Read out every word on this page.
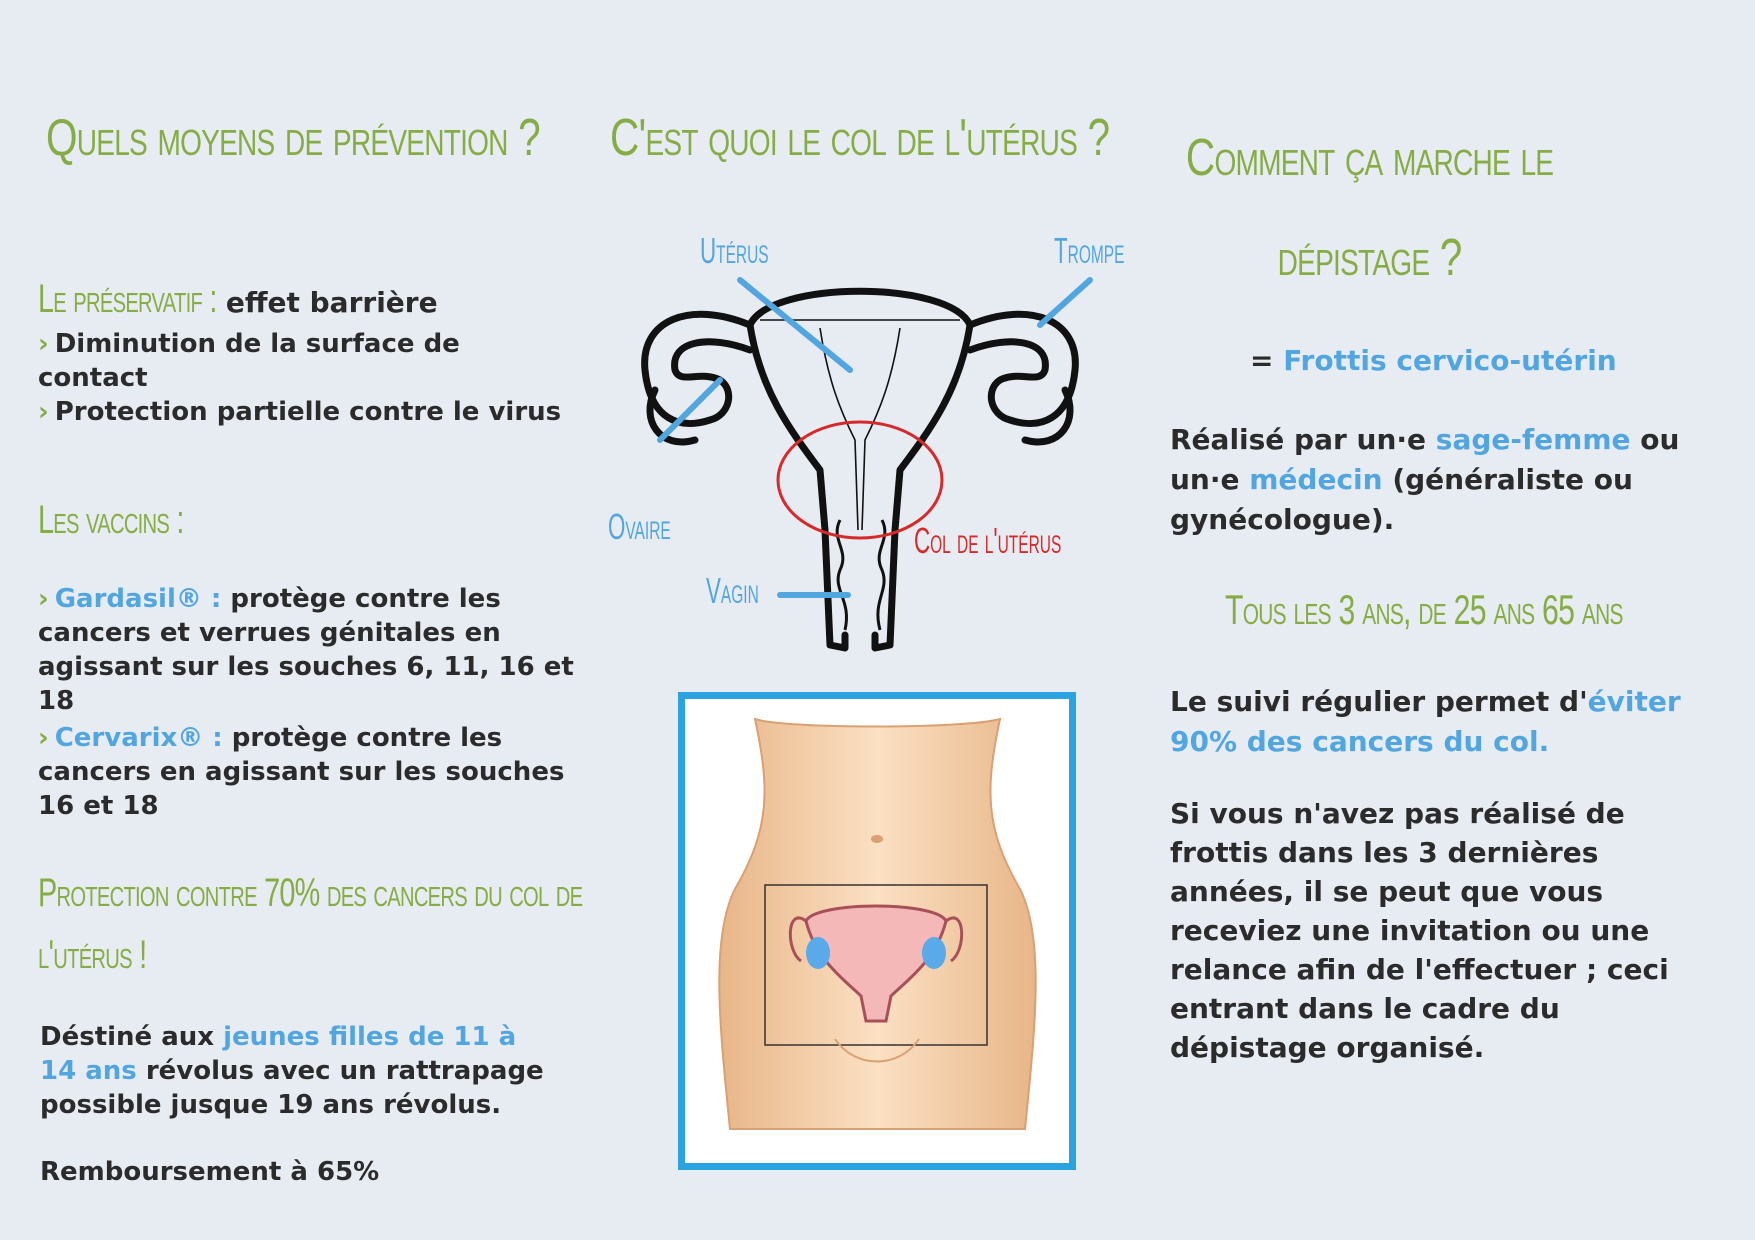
Quels moyens de prévention ?
Le préservatif : effet barrière
› Diminution de la surface de contact
› Protection partielle contre le virus
Les vaccins :
› Gardasil® : protège contre les cancers et verrues génitales en agissant sur les souches 6, 11, 16 et 18
› Cervarix® : protège contre les cancers en agissant sur les souches 16 et 18
Protection contre 70% des cancers du col de l'utérus !
Déstiné aux jeunes filles de 11 à 14 ans révolus avec un rattrapage possible jusque 19 ans révolus.
Remboursement à 65%
C'est quoi le col de l'utérus ?
Utérus	Trompe
Ovaire
Vagin
Col de l'utérus
Comment ça marche le
dépistage ?
= Frottis cervico-utérin
Réalisé par un·e sage-femme ou un·e médecin (généraliste ou gynécologue).
Tous les 3 ans, de 25 ans 65 ans
Le suivi régulier permet d'éviter 90% des cancers du col.
Si vous n'avez pas réalisé de frottis dans les 3 dernières années, il se peut que vous receviez une invitation ou une relance afin de l'effectuer ; ceci entrant dans le cadre du dépistage organisé.
